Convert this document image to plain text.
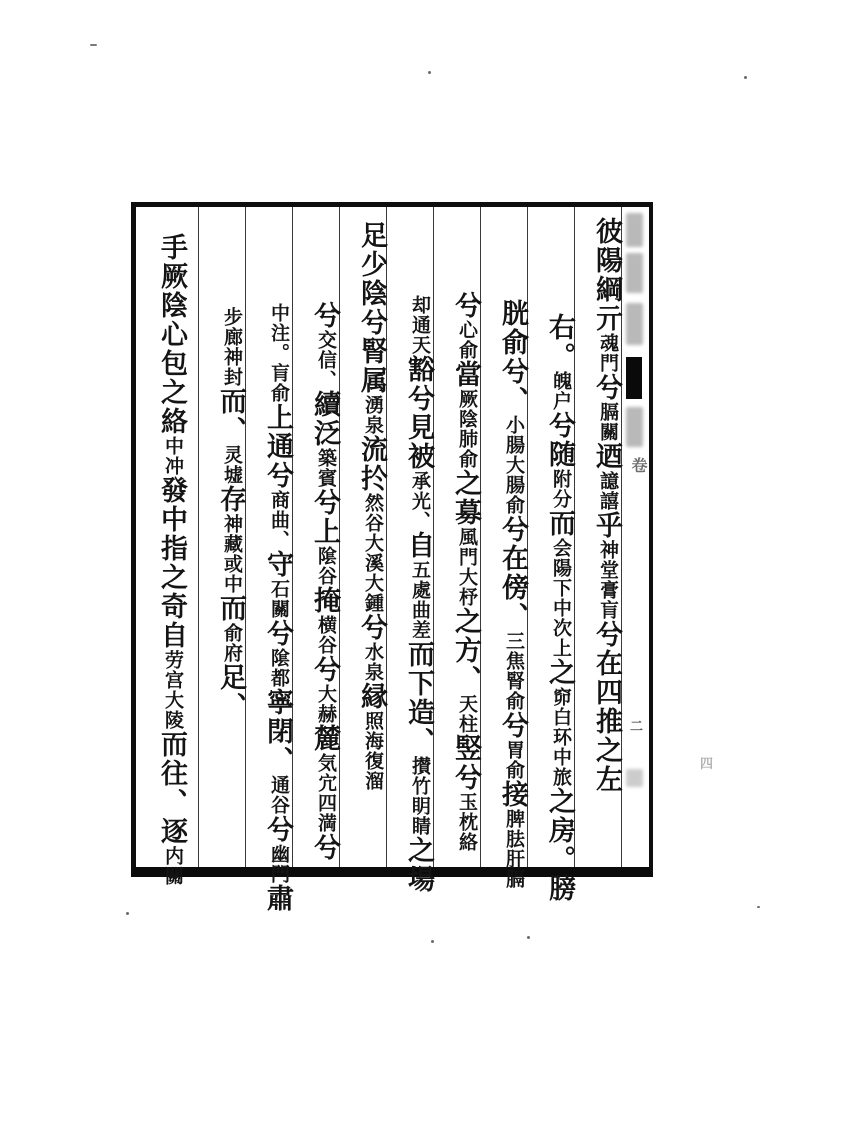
四
卷
二
彼陽綱亓魂門兮膈關迺譩譆乎神堂膏肓兮在四推之左
右。魄户兮随附分而会陽下中次上之窌白环中旅之房。膀
胱俞兮、小腸大腸俞兮在傍、三焦腎俞兮胃俞接脾胠肝膈
兮心俞當厥陰肺俞之募風門大杼之方、天柱竪兮玉枕絡
却通天豁兮見被承光、自五處曲差而下造、攅竹眀睛之場
足少陰兮腎属湧泉流扵然谷大溪大鍾兮水泉縁照海復溜
兮交信、續泛築賓兮上隂谷掩横谷兮大赫麓気宂四満兮
中注。肓俞上通兮商曲、守石關兮隂都寧閉、通谷兮幽門肅
步廊神封而、灵墟存神藏或中而俞府足、
手厥陰心包之絡中冲發中指之奇自劳宫大陵而往、逐内關
